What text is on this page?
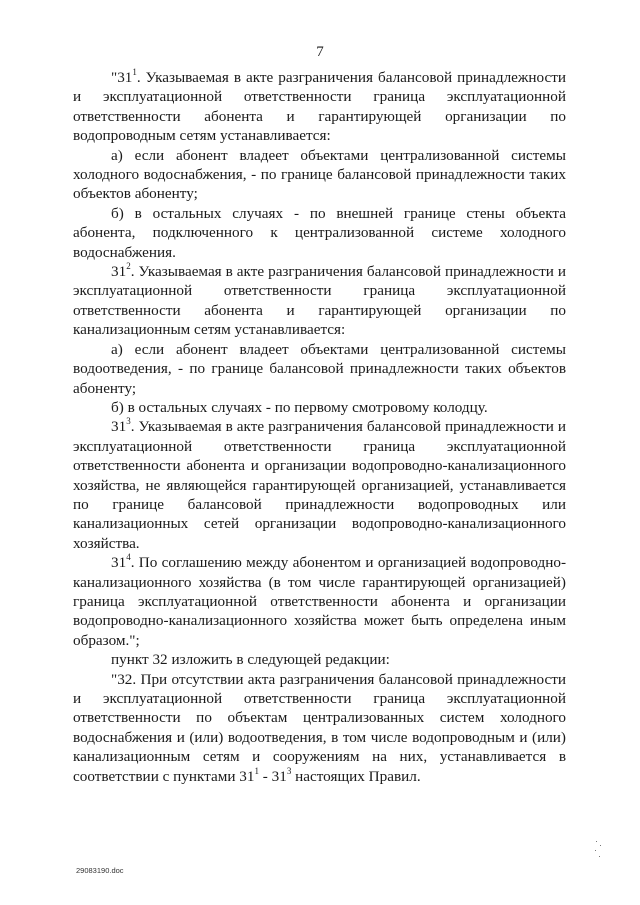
7

"$31^1$. Указываемая в акте разграничения балансовой принадлежности и эксплуатационной ответственности граница эксплуатационной ответственности абонента и гарантирующей организации по водопроводным сетям устанавливается:

а) если абонент владеет объектами централизованной системы холодного водоснабжения, - по границе балансовой принадлежности таких объектов абоненту;

б) в остальных случаях - по внешней границе стены объекта абонента, подключенного к централизованной системе холодного водоснабжения.

$31^2$. Указываемая в акте разграничения балансовой принадлежности и эксплуатационной ответственности граница эксплуатационной ответственности абонента и гарантирующей организации по канализационным сетям устанавливается:

а) если абонент владеет объектами централизованной системы водоотведения, - по границе балансовой принадлежности таких объектов абоненту;

б) в остальных случаях - по первому смотровому колодцу.

$31^3$. Указываемая в акте разграничения балансовой принадлежности и эксплуатационной ответственности граница эксплуатационной ответственности абонента и организации водопроводно-канализационного хозяйства, не являющейся гарантирующей организацией, устанавливается по границе балансовой принадлежности водопроводных или канализационных сетей организации водопроводно-канализационного хозяйства.

$31^4$. По соглашению между абонентом и организацией водопроводно-канализационного хозяйства (в том числе гарантирующей организацией) граница эксплуатационной ответственности абонента и организации водопроводно-канализационного хозяйства может быть определена иным образом.";

пункт 32 изложить в следующей редакции:

"32. При отсутствии акта разграничения балансовой принадлежности и эксплуатационной ответственности граница эксплуатационной ответственности по объектам централизованных систем холодного водоснабжения и (или) водоотведения, в том числе водопроводным и (или) канализационным сетям и сооружениям на них, устанавливается в соответствии с пунктами $31^1 - 31^3$ настоящих Правил.

29083190.doc
